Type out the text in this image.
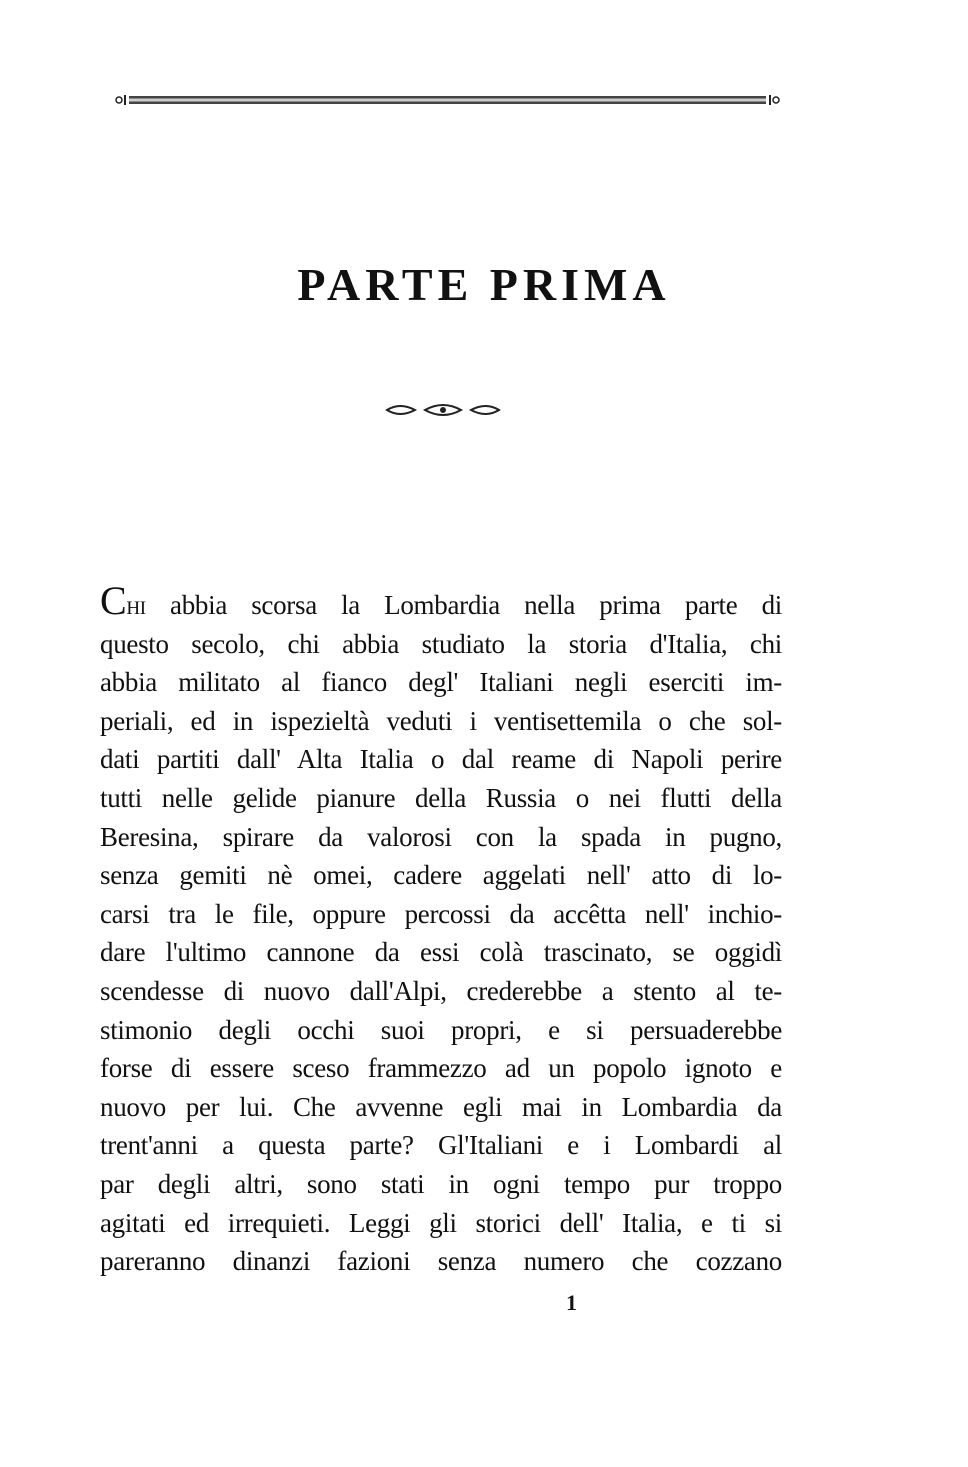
PARTE PRIMA
CHI abbia scorsa la Lombardia nella prima parte di
questo secolo, chi abbia studiato la storia d'Italia, chi
abbia militato al fianco degl' Italiani negli eserciti im-
periali, ed in ispezieltà veduti i ventisettemila o che sol-
dati partiti dall' Alta Italia o dal reame di Napoli perire
tutti nelle gelide pianure della Russia o nei flutti della
Beresina, spirare da valorosi con la spada in pugno,
senza gemiti nè omei, cadere aggelati nell' atto di lo-
carsi tra le file, oppure percossi da accêtta nell' inchio-
dare l'ultimo cannone da essi colà trascinato, se oggidì
scendesse di nuovo dall'Alpi, crederebbe a stento al te-
stimonio degli occhi suoi propri, e si persuaderebbe
forse di essere sceso frammezzo ad un popolo ignoto e
nuovo per lui. Che avvenne egli mai in Lombardia da
trent'anni a questa parte? Gl'Italiani e i Lombardi al
par degli altri, sono stati in ogni tempo pur troppo
agitati ed irrequieti. Leggi gli storici dell' Italia, e ti si
pareranno dinanzi fazioni senza numero che cozzano
1
